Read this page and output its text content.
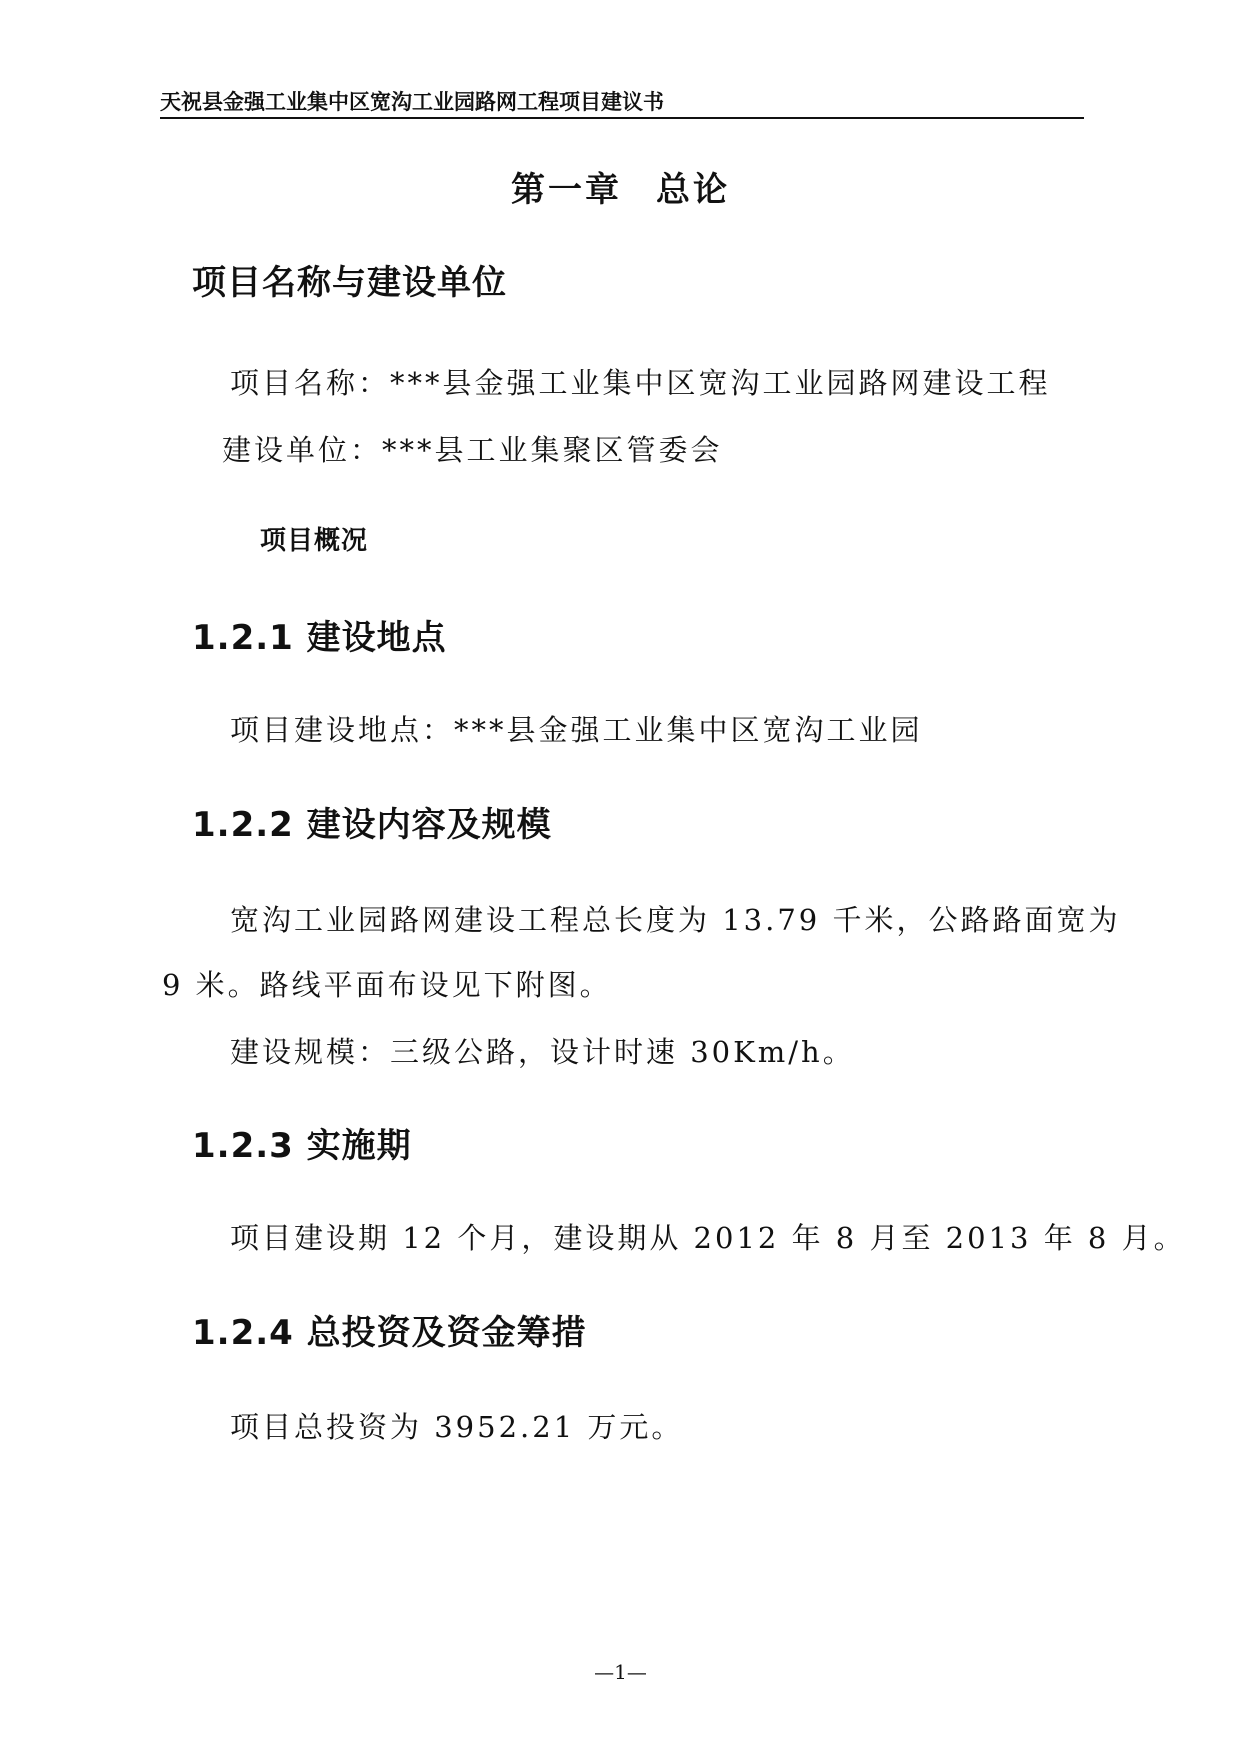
天祝县金强工业集中区宽沟工业园路网工程项目建议书
第一章 总论
项目名称与建设单位
项目名称：***县金强工业集中区宽沟工业园路网建设工程
建设单位：***县工业集聚区管委会
项目概况
1.2.1 建设地点
项目建设地点：***县金强工业集中区宽沟工业园
1.2.2 建设内容及规模
宽沟工业园路网建设工程总长度为 13.79 千米，公路路面宽为
9 米。路线平面布设见下附图。
建设规模：三级公路，设计时速 30Km/h。
1.2.3 实施期
项目建设期 12 个月，建设期从 2012 年 8 月至 2013 年 8 月。
1.2.4 总投资及资金筹措
项目总投资为 3952.21 万元。
—1—
